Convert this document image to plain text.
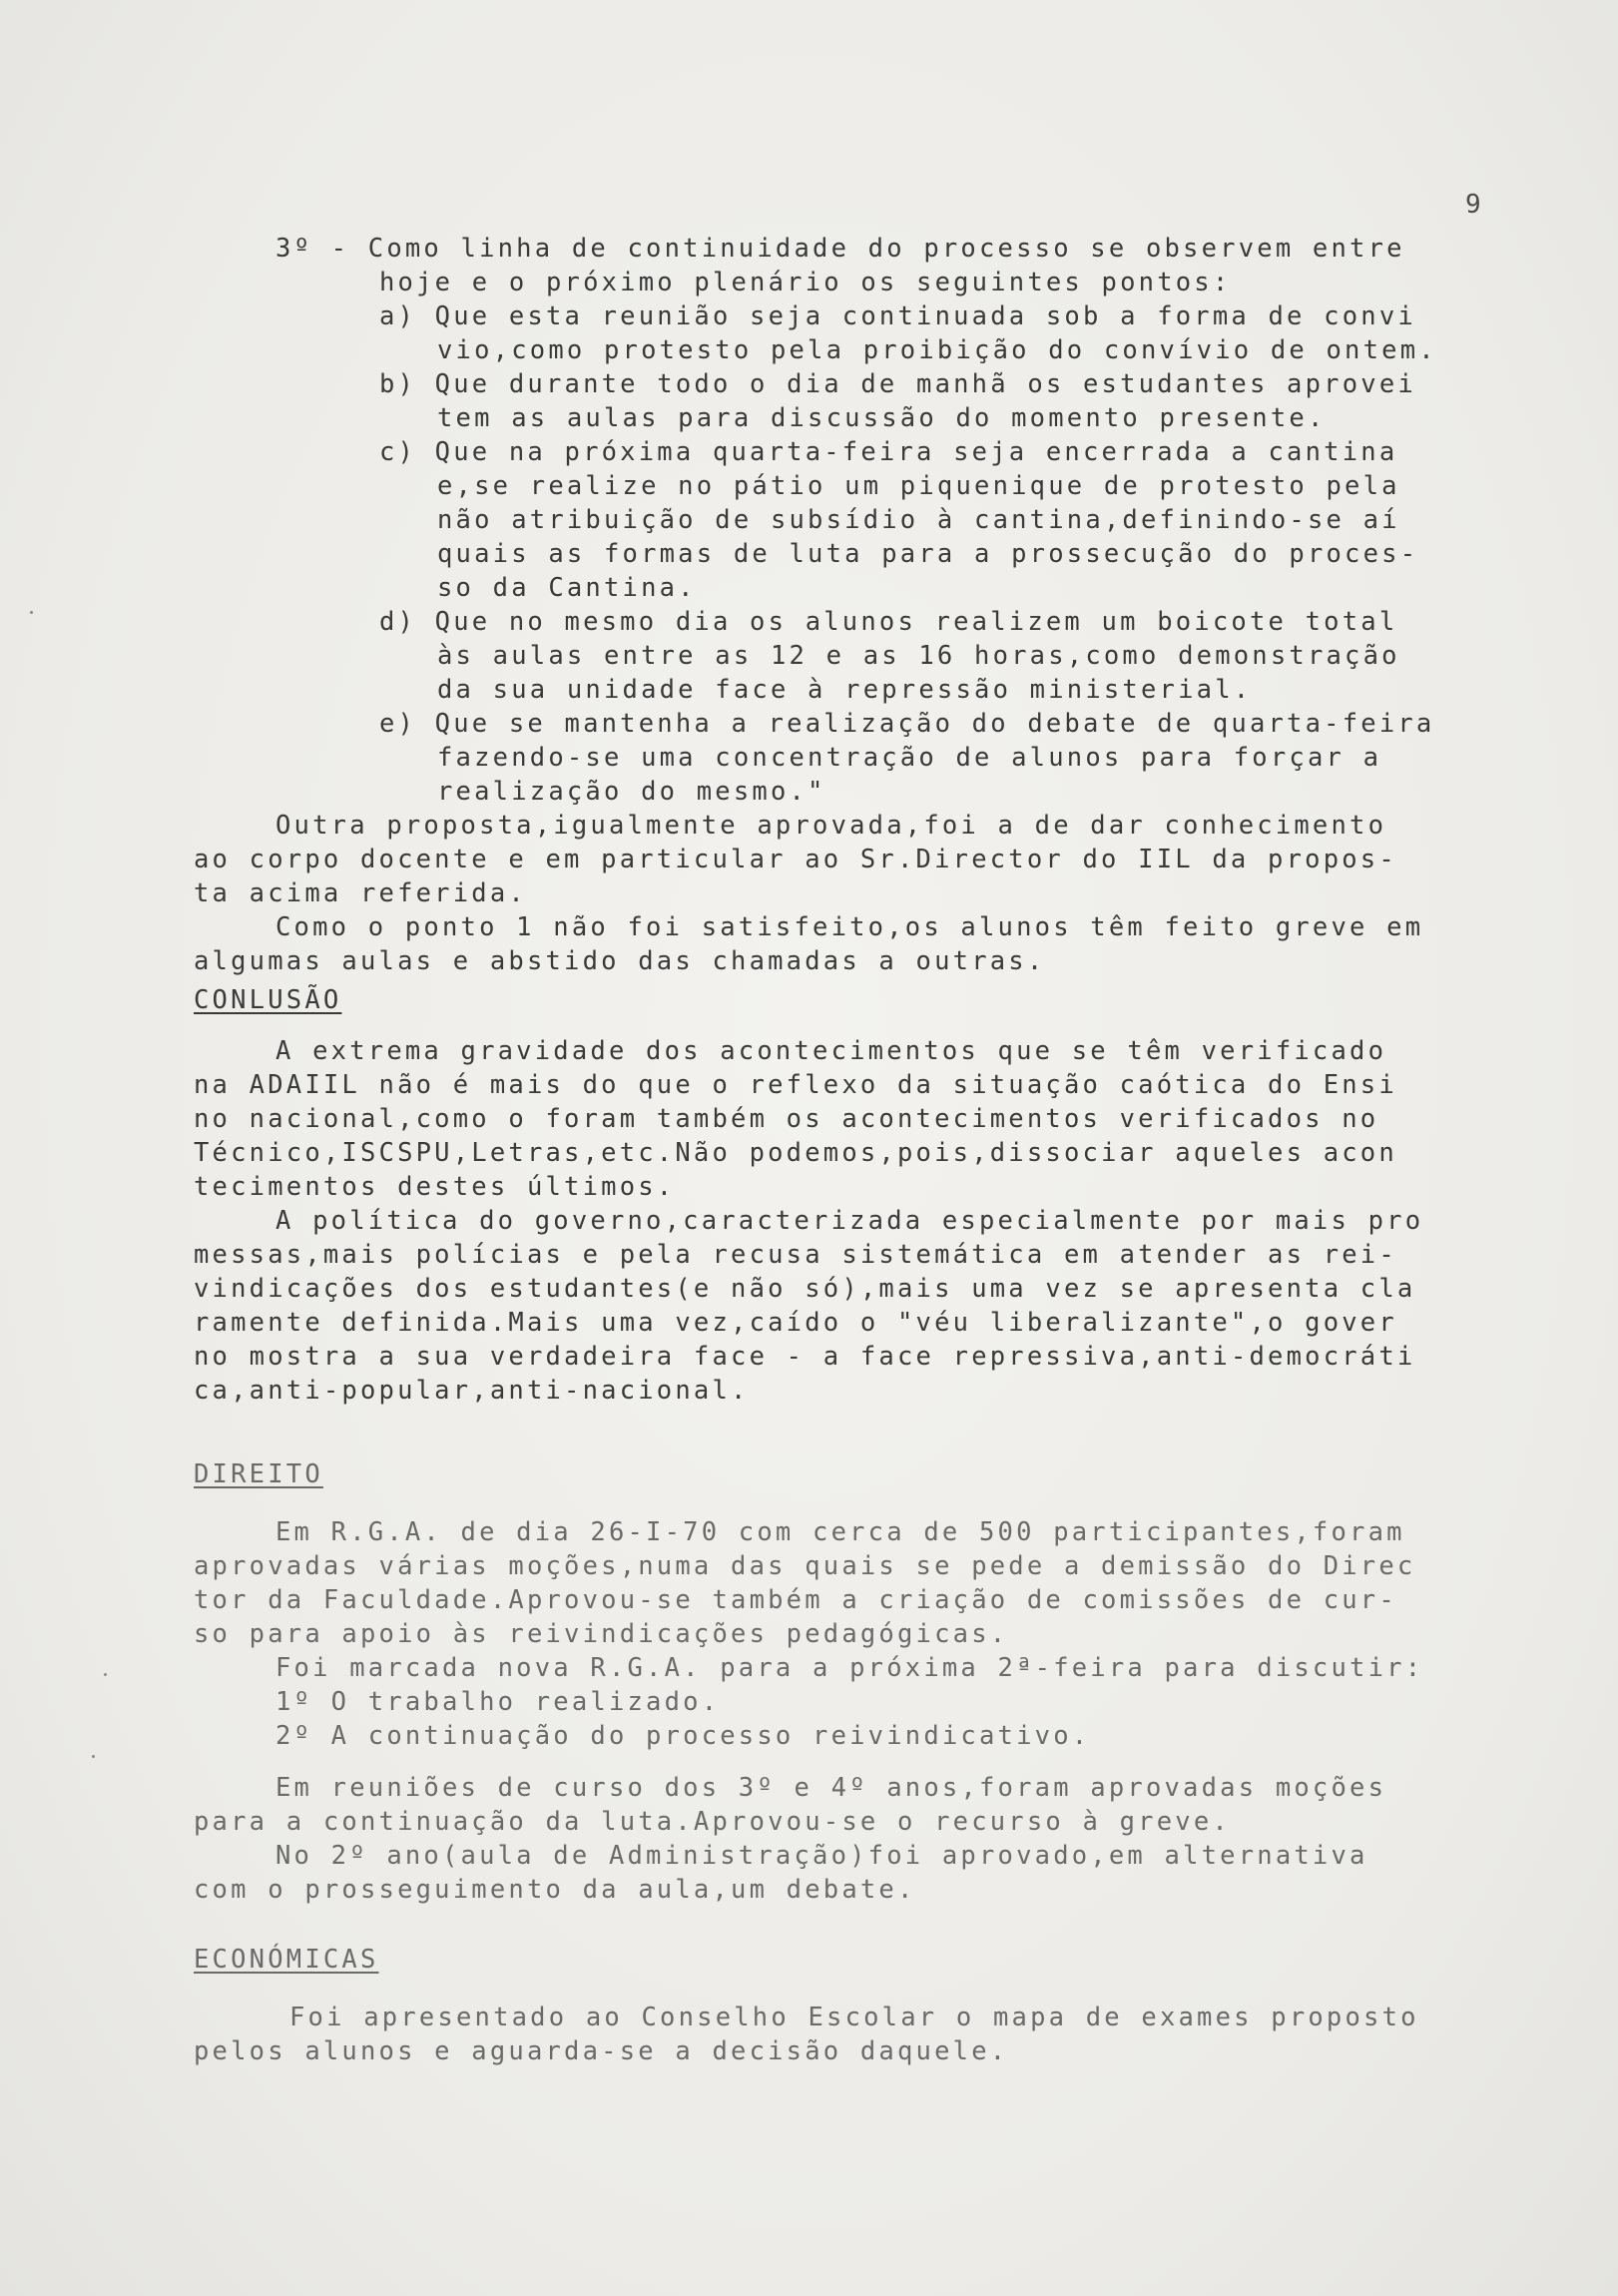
9
3º - Como linha de continuidade do processo se observem entre
hoje e o próximo plenário os seguintes pontos:
a) Que esta reunião seja continuada sob a forma de convi
vio,como protesto pela proibição do convívio de ontem.
b) Que durante todo o dia de manhã os estudantes aprovei
tem as aulas para discussão do momento presente.
c) Que na próxima quarta-feira seja encerrada a cantina
e,se realize no pátio um piquenique de protesto pela
não atribuição de subsídio à cantina,definindo-se aí
quais as formas de luta para a prossecução do proces-
so da Cantina.
d) Que no mesmo dia os alunos realizem um boicote total
às aulas entre as 12 e as 16 horas,como demonstração
da sua unidade face à repressão ministerial.
e) Que se mantenha a realização do debate de quarta-feira
fazendo-se uma concentração de alunos para forçar a
realização do mesmo."
Outra proposta,igualmente aprovada,foi a de dar conhecimento
ao corpo docente e em particular ao Sr.Director do IIL da propos-
ta acima referida.
Como o ponto 1 não foi satisfeito,os alunos têm feito greve em
algumas aulas e abstido das chamadas a outras.
CONLUSÃO
A extrema gravidade dos acontecimentos que se têm verificado
na ADAIIL não é mais do que o reflexo da situação caótica do Ensi
no nacional,como o foram também os acontecimentos verificados no
Técnico,ISCSPU,Letras,etc.Não podemos,pois,dissociar aqueles acon
tecimentos destes últimos.
A política do governo,caracterizada especialmente por mais pro
messas,mais polícias e pela recusa sistemática em atender as rei-
vindicações dos estudantes(e não só),mais uma vez se apresenta cla
ramente definida.Mais uma vez,caído o "véu liberalizante",o gover
no mostra a sua verdadeira face - a face repressiva,anti-democráti
ca,anti-popular,anti-nacional.
DIREITO
Em R.G.A. de dia 26-I-70 com cerca de 500 participantes,foram
aprovadas várias moções,numa das quais se pede a demissão do Direc
tor da Faculdade.Aprovou-se também a criação de comissões de cur-
so para apoio às reivindicações pedagógicas.
Foi marcada nova R.G.A. para a próxima 2ª-feira para discutir:
1º O trabalho realizado.
2º A continuação do processo reivindicativo.
Em reuniões de curso dos 3º e 4º anos,foram aprovadas moções
para a continuação da luta.Aprovou-se o recurso à greve.
No 2º ano(aula de Administração)foi aprovado,em alternativa
com o prosseguimento da aula,um debate.
ECONÓMICAS
Foi apresentado ao Conselho Escolar o mapa de exames proposto
pelos alunos e aguarda-se a decisão daquele.
